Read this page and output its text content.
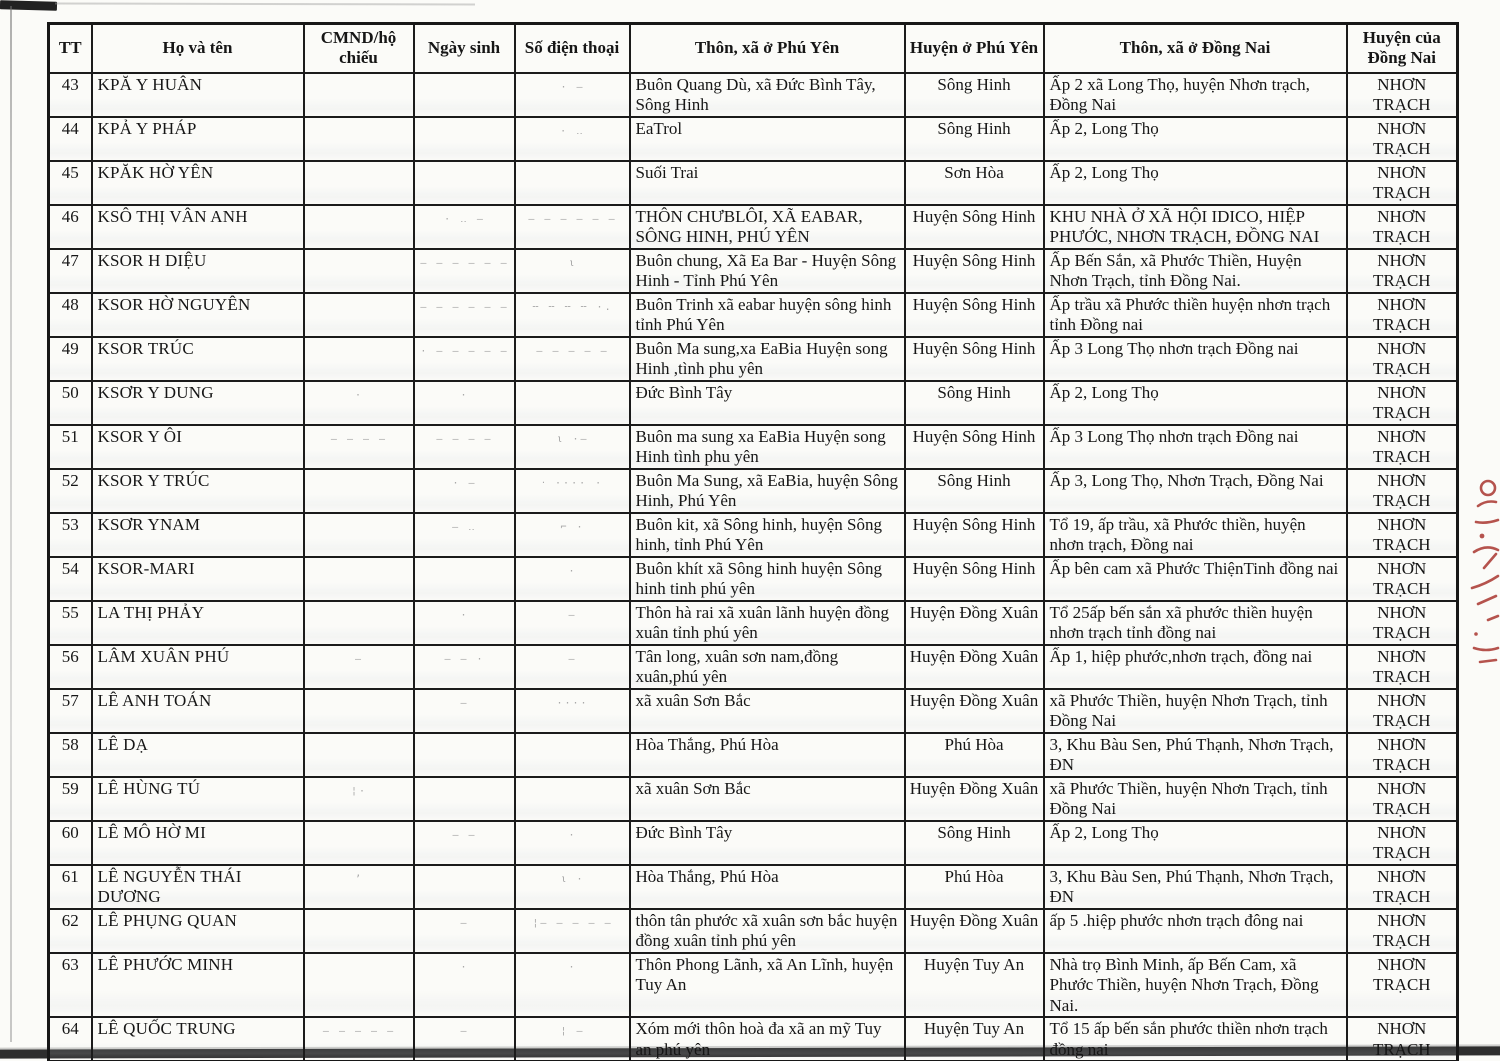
TT	Họ và tên	CMND/hộ chiếu	Ngày sinh	Số điện thoại	Thôn, xã ở Phú Yên	Huyện ở Phú Yên	Thôn, xã ở Đồng Nai	Huyện của Đồng Nai
43	KPĂ Y HUÂN			· ‒	Buôn Quang Dù, xã Đức Bình Tây, Sông Hinh	Sông Hinh	Ấp 2 xã Long Thọ, huyện Nhơn trạch, Đồng Nai	NHƠN TRẠCH
44	KPẢ Y PHÁP			· ‥	EaTrol	Sông Hinh	Ấp 2, Long Thọ	NHƠN TRẠCH
45	KPĂK HỜ YÊN				Suối Trai	Sơn Hòa	Ấp 2, Long Thọ	NHƠN TRẠCH
46	KSÔ THỊ VÂN ANH		· ‥ –	– – – – – –	THÔN CHƯBLÔI, XÃ EABAR, SÔNG HINH, PHÚ YÊN	Huyện Sông Hinh	KHU NHÀ Ở XÃ HỘI IDICO, HIỆP PHƯỚC, NHƠN TRẠCH, ĐỒNG NAI	NHƠN TRẠCH
47	KSOR H DIỆU		– – – – – –	ι	Buôn chung, Xã Ea Bar - Huyện Sông Hinh - Tỉnh Phú Yên	Huyện Sông Hinh	Ấp Bến Sắn, xã Phước Thiền, Huyện Nhơn Trạch, tỉnh Đồng Nai.	NHƠN TRẠCH
48	KSOR HỜ NGUYÊN		– – – – – –	╌ ╌ ╌ ╌ ·.	Buôn Trinh xã eabar huyện sông hinh tỉnh Phú Yên	Huyện Sông Hinh	Ấp trầu xã Phước thiền huyện nhơn trạch tỉnh Đồng nai	NHƠN TRẠCH
49	KSOR TRÚC		· – – – – –	– – – – –	Buôn Ma sung,xa EaBia Huyện song Hinh ,tình phu yên	Huyện Sông Hinh	Ấp 3 Long Thọ nhơn trạch Đồng nai	NHƠN TRẠCH
50	KSƠR Y DUNG	·	·		Đức Bình Tây	Sông Hinh	Ấp 2, Long Thọ	NHƠN TRẠCH
51	KSOR Y ÔI	– – – –	– – – –	ι ·‒	Buôn ma sung xa EaBia Huyện song Hinh tình phu yên	Huyện Sông Hinh	Ấp 3 Long Thọ nhơn trạch Đồng nai	NHƠN TRẠCH
52	KSOR Y TRÚC		· –	‧ ···· ·	Buôn Ma Sung, xã EaBia, huyện Sông Hinh, Phú Yên	Sông Hinh	Ấp 3, Long Thọ, Nhơn Trạch, Đồng Nai	NHƠN TRẠCH
53	KSƠR YNAM		– ‥	⌐ ·	Buôn kit, xã Sông hinh, huyện Sông hinh, tỉnh Phú Yên	Huyện Sông Hinh	Tổ 19, ấp trầu, xã Phước thiền, huyện nhơn trạch, Đồng nai	NHƠN TRẠCH
54	KSOR-MARI			·	Buôn khít xã Sông hinh huyện Sông hinh tinh phú yên	Huyện Sông Hinh	Ấp bên cam xã Phước ThiệnTinh đồng nai	NHƠN TRẠCH
55	LA THỊ PHẢY		·	–	Thôn hà rai xã xuân lãnh huyện đồng xuân tỉnh phú yên	Huyện Đồng Xuân	Tổ 25ấp bến sắn xã phước thiền huyện nhơn trạch tỉnh đồng nai	NHƠN TRẠCH
56	LÂM XUÂN PHÚ	—	– – ·	–	Tân long, xuân sơn nam,đồng xuân,phú yên	Huyện Đồng Xuân	Ấp 1, hiệp phước,nhơn trạch, đồng nai	NHƠN TRẠCH
57	LÊ ANH TOÁN		–	····	xã xuân Sơn Bắc	Huyện Đồng Xuân	xã Phước Thiền, huyện Nhơn Trạch, tỉnh Đồng Nai	NHƠN TRẠCH
58	LÊ DẠ				Hòa Thắng, Phú Hòa	Phú Hòa	3, Khu Bàu Sen, Phú Thạnh, Nhơn Trạch, ĐN	NHƠN TRẠCH
59	LÊ HÙNG TÚ	¦·			xã xuân Sơn Bắc	Huyện Đồng Xuân	xã Phước Thiền, huyện Nhơn Trạch, tỉnh Đồng Nai	NHƠN TRẠCH
60	LÊ MÔ HỜ MI		– –	·	Đức Bình Tây	Sông Hinh	Ấp 2, Long Thọ	NHƠN TRẠCH
61	LÊ NGUYỄN THÁI DƯƠNG	’		ι ·	Hòa Thắng, Phú Hòa	Phú Hòa	3, Khu Bàu Sen, Phú Thạnh, Nhơn Trạch, ĐN	NHƠN TRẠCH
62	LÊ PHỤNG QUAN		–	¦– – – – –	thôn tân phước xã xuân sơn bắc huyện đồng xuân tỉnh phú yên	Huyện Đồng Xuân	ấp 5 .hiệp phước nhơn trạch đông nai	NHƠN TRẠCH
63	LÊ PHƯỚC MINH		·	·	Thôn Phong Lãnh, xã An Lĩnh, huyện Tuy An	Huyện Tuy An	Nhà trọ Bình Minh, ấp Bến Cam, xã Phước Thiền, huyện Nhơn Trạch, Đồng Nai.	NHƠN TRẠCH
64	LÊ QUỐC TRUNG	– – – – –	–	¦ –	Xóm mới thôn hoà đa xã an mỹ Tuy an phú yên	Huyện Tuy An	Tổ 15 ấp bến sắn phước thiền nhơn trạch đồng nai	NHƠN TRẠCH
